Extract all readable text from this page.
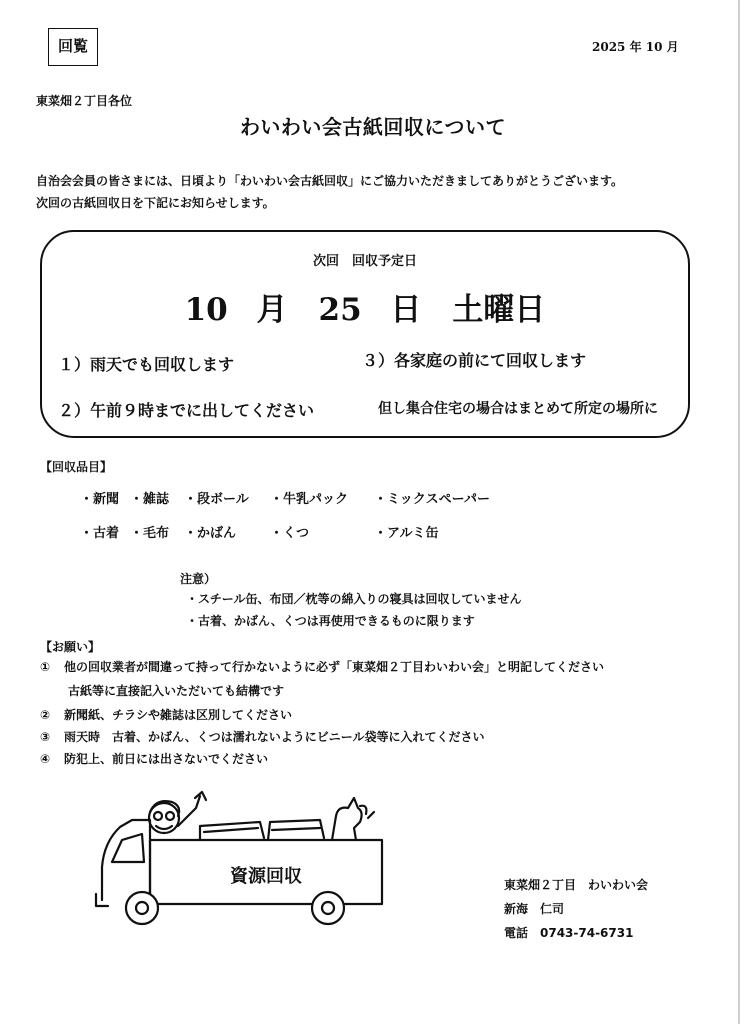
回覧	2025 年 10 月
東菜畑２丁目各位
わいわい会古紙回収について
自治会会員の皆さまには、日頃より「わいわい会古紙回収」にご協力いただきましてありがとうございます。
次回の古紙回収日を下記にお知らせします。
次回　回収予定日
10 月　25 日　土曜日
１）雨天でも回収します
２）午前９時までに出してください
３）各家庭の前にて回収します
但し集合住宅の場合はまとめて所定の場所に
【回収品目】
・新聞 ・雑誌 ・段ボール ・牛乳パック ・ミックスペーパー
・古着 ・毛布 ・かばん	・くつ	・アルミ缶
注意）
・スチール缶、布団／枕等の綿入りの寝具は回収していません
・古着、かばん、くつは再使用できるものに限ります
【お願い】
① 他の回収業者が間違って持って行かないように必ず「東菜畑２丁目わいわい会」と明記してください
古紙等に直接記入いただいても結構です
② 新聞紙、チラシや雑誌は区別してください
③ 雨天時　古着、かばん、くつは濡れないようにビニール袋等に入れてください
④ 防犯上、前日には出さないでください
資源回収	東菜畑２丁目　わいわい会
新海　仁司
電話　0743-74-6731
